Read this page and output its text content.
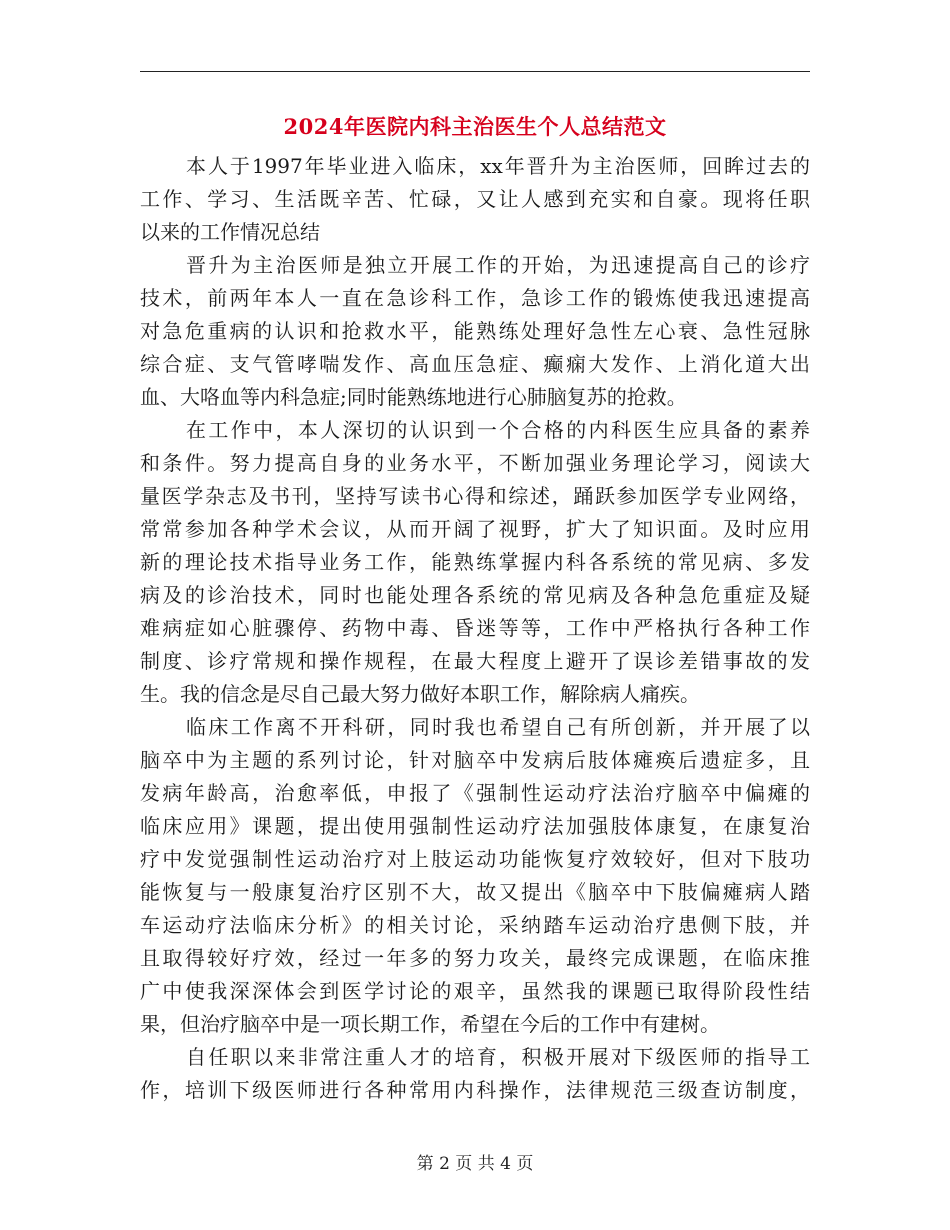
2024年医院内科主治医生个人总结范文
本人于1997年毕业进入临床，xx年晋升为主治医师，回眸过去的
工作、学习、生活既辛苦、忙碌，又让人感到充实和自豪。现将任职
以来的工作情况总结
晋升为主治医师是独立开展工作的开始，为迅速提高自己的诊疗
技术，前两年本人一直在急诊科工作，急诊工作的锻炼使我迅速提高
对急危重病的认识和抢救水平，能熟练处理好急性左心衰、急性冠脉
综合症、支气管哮喘发作、高血压急症、癫痫大发作、上消化道大出
血、大咯血等内科急症;同时能熟练地进行心肺脑复苏的抢救。
在工作中，本人深切的认识到一个合格的内科医生应具备的素养
和条件。努力提高自身的业务水平，不断加强业务理论学习，阅读大
量医学杂志及书刊，坚持写读书心得和综述，踊跃参加医学专业网络，
常常参加各种学术会议，从而开阔了视野，扩大了知识面。及时应用
新的理论技术指导业务工作，能熟练掌握内科各系统的常见病、多发
病及的诊治技术，同时也能处理各系统的常见病及各种急危重症及疑
难病症如心脏骤停、药物中毒、昏迷等等，工作中严格执行各种工作
制度、诊疗常规和操作规程，在最大程度上避开了误诊差错事故的发
生。我的信念是尽自己最大努力做好本职工作，解除病人痛疾。
临床工作离不开科研，同时我也希望自己有所创新，并开展了以
脑卒中为主题的系列讨论，针对脑卒中发病后肢体瘫痪后遗症多，且
发病年龄高，治愈率低，申报了《强制性运动疗法治疗脑卒中偏瘫的
临床应用》课题，提出使用强制性运动疗法加强肢体康复，在康复治
疗中发觉强制性运动治疗对上肢运动功能恢复疗效较好，但对下肢功
能恢复与一般康复治疗区别不大，故又提出《脑卒中下肢偏瘫病人踏
车运动疗法临床分析》的相关讨论，采纳踏车运动治疗患侧下肢，并
且取得较好疗效，经过一年多的努力攻关，最终完成课题，在临床推
广中使我深深体会到医学讨论的艰辛，虽然我的课题已取得阶段性结
果，但治疗脑卒中是一项长期工作，希望在今后的工作中有建树。
自任职以来非常注重人才的培育，积极开展对下级医师的指导工
作，培训下级医师进行各种常用内科操作，法律规范三级查访制度，
第 2 页 共 4 页
